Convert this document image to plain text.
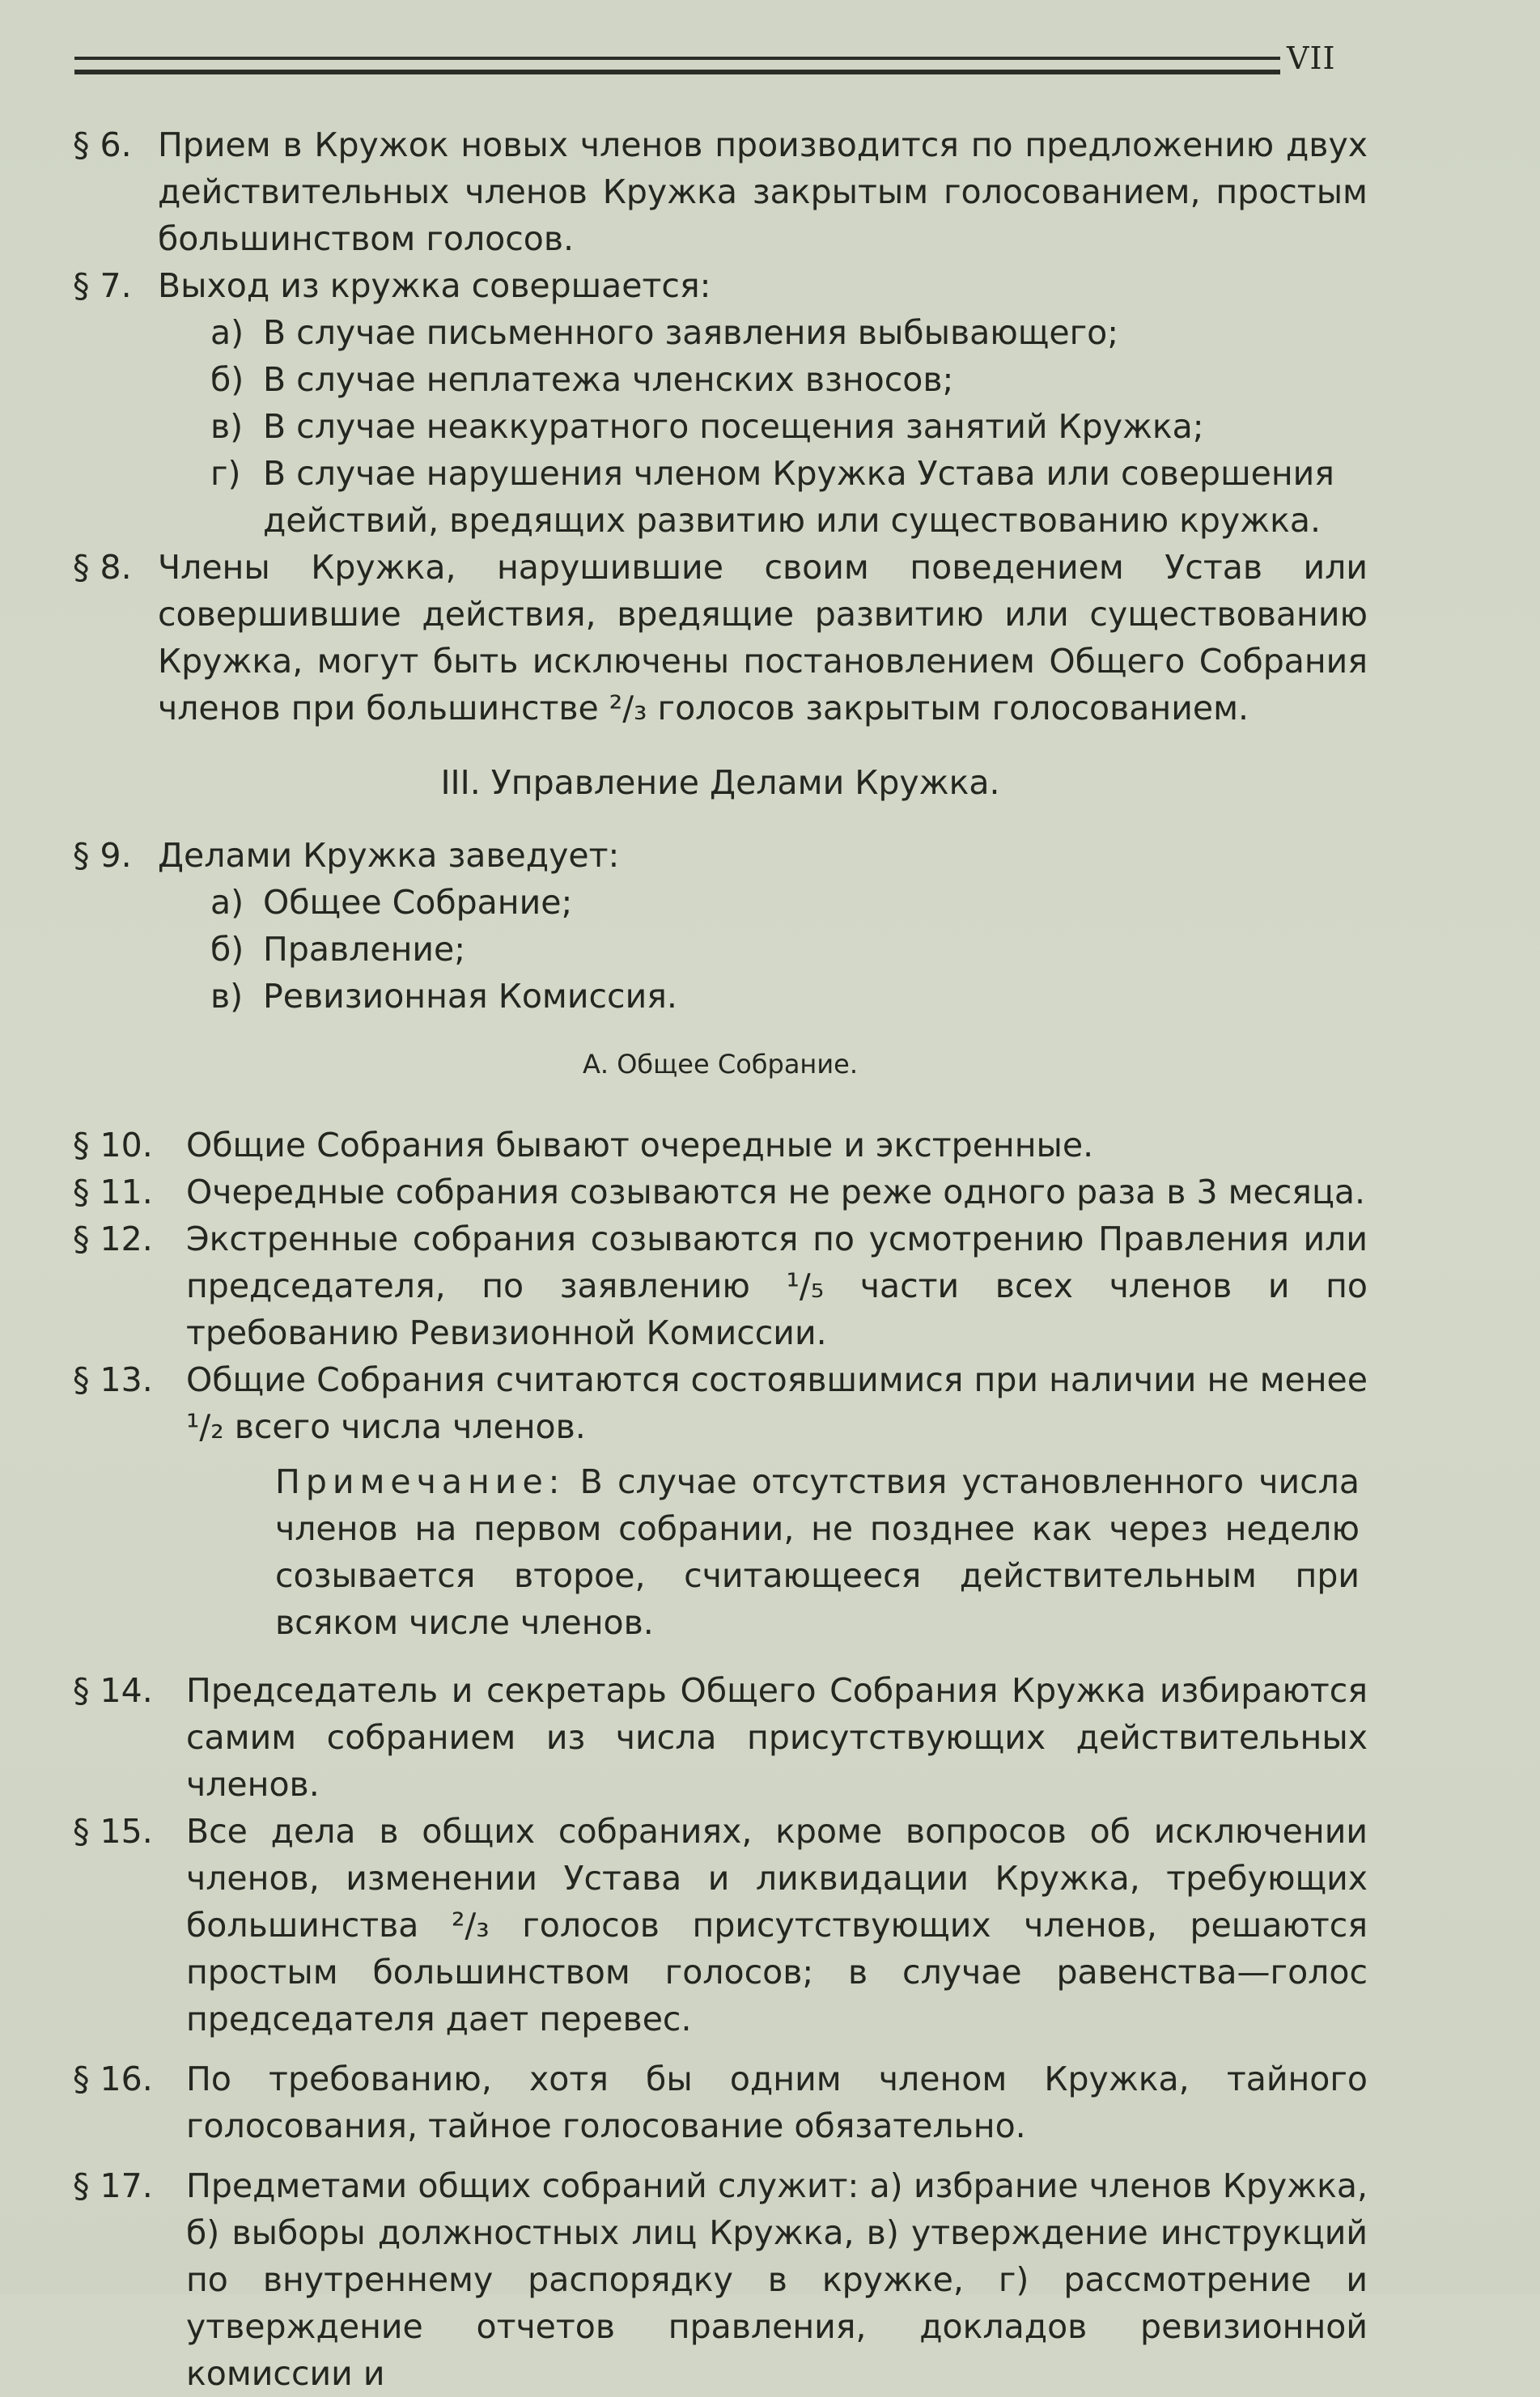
VII
§ 6. Прием в Кружок новых членов производится по предложению двух действительных членов Кружка закрытым голосованием, простым большинством голосов.
§ 7. Выход из кружка совершается:
а) В случае письменного заявления выбывающего;
б) В случае неплатежа членских взносов;
в) В случае неаккуратного посещения занятий Кружка;
г) В случае нарушения членом Кружка Устава или совершения действий, вредящих развитию или существованию кружка.
§ 8. Члены Кружка, нарушившие своим поведением Устав или совершившие действия, вредящие развитию или существованию Кружка, могут быть исключены постановлением Общего Собрания членов при большинстве ²/₃ голосов закрытым голосованием.
III. Управление Делами Кружка.
§ 9. Делами Кружка заведует:
а) Общее Собрание;
б) Правление;
в) Ревизионная Комиссия.
А. Общее Собрание.
§ 10. Общие Собрания бывают очередные и экстренные.
§ 11. Очередные собрания созываются не реже одного раза в 3 месяца.
§ 12. Экстренные собрания созываются по усмотрению Правления или председателя, по заявлению ¹/₅ части всех членов и по требованию Ревизионной Комиссии.
§ 13. Общие Собрания считаются состоявшимися при наличии не менее ¹/₂ всего числа членов.
Примечание: В случае отсутствия установленного числа членов на первом собрании, не позднее как через неделю созывается второе, считающееся действительным при всяком числе членов.
§ 14. Председатель и секретарь Общего Собрания Кружка избираются самим собранием из числа присутствующих действительных членов.
§ 15. Все дела в общих собраниях, кроме вопросов об исключении членов, изменении Устава и ликвидации Кружка, требующих большинства ²/₃ голосов присутствующих членов, решаются простым большинством голосов; в случае равенства—голос председателя дает перевес.
§ 16. По требованию, хотя бы одним членом Кружка, тайного голосования, тайное голосование обязательно.
§ 17. Предметами общих собраний служит: а) избрание членов Кружка, б) выборы должностных лиц Кружка, в) утверждение инструкций по внутреннему распорядку в кружке, г) рассмотрение и утверждение отчетов правления, докладов ревизионной комиссии и
